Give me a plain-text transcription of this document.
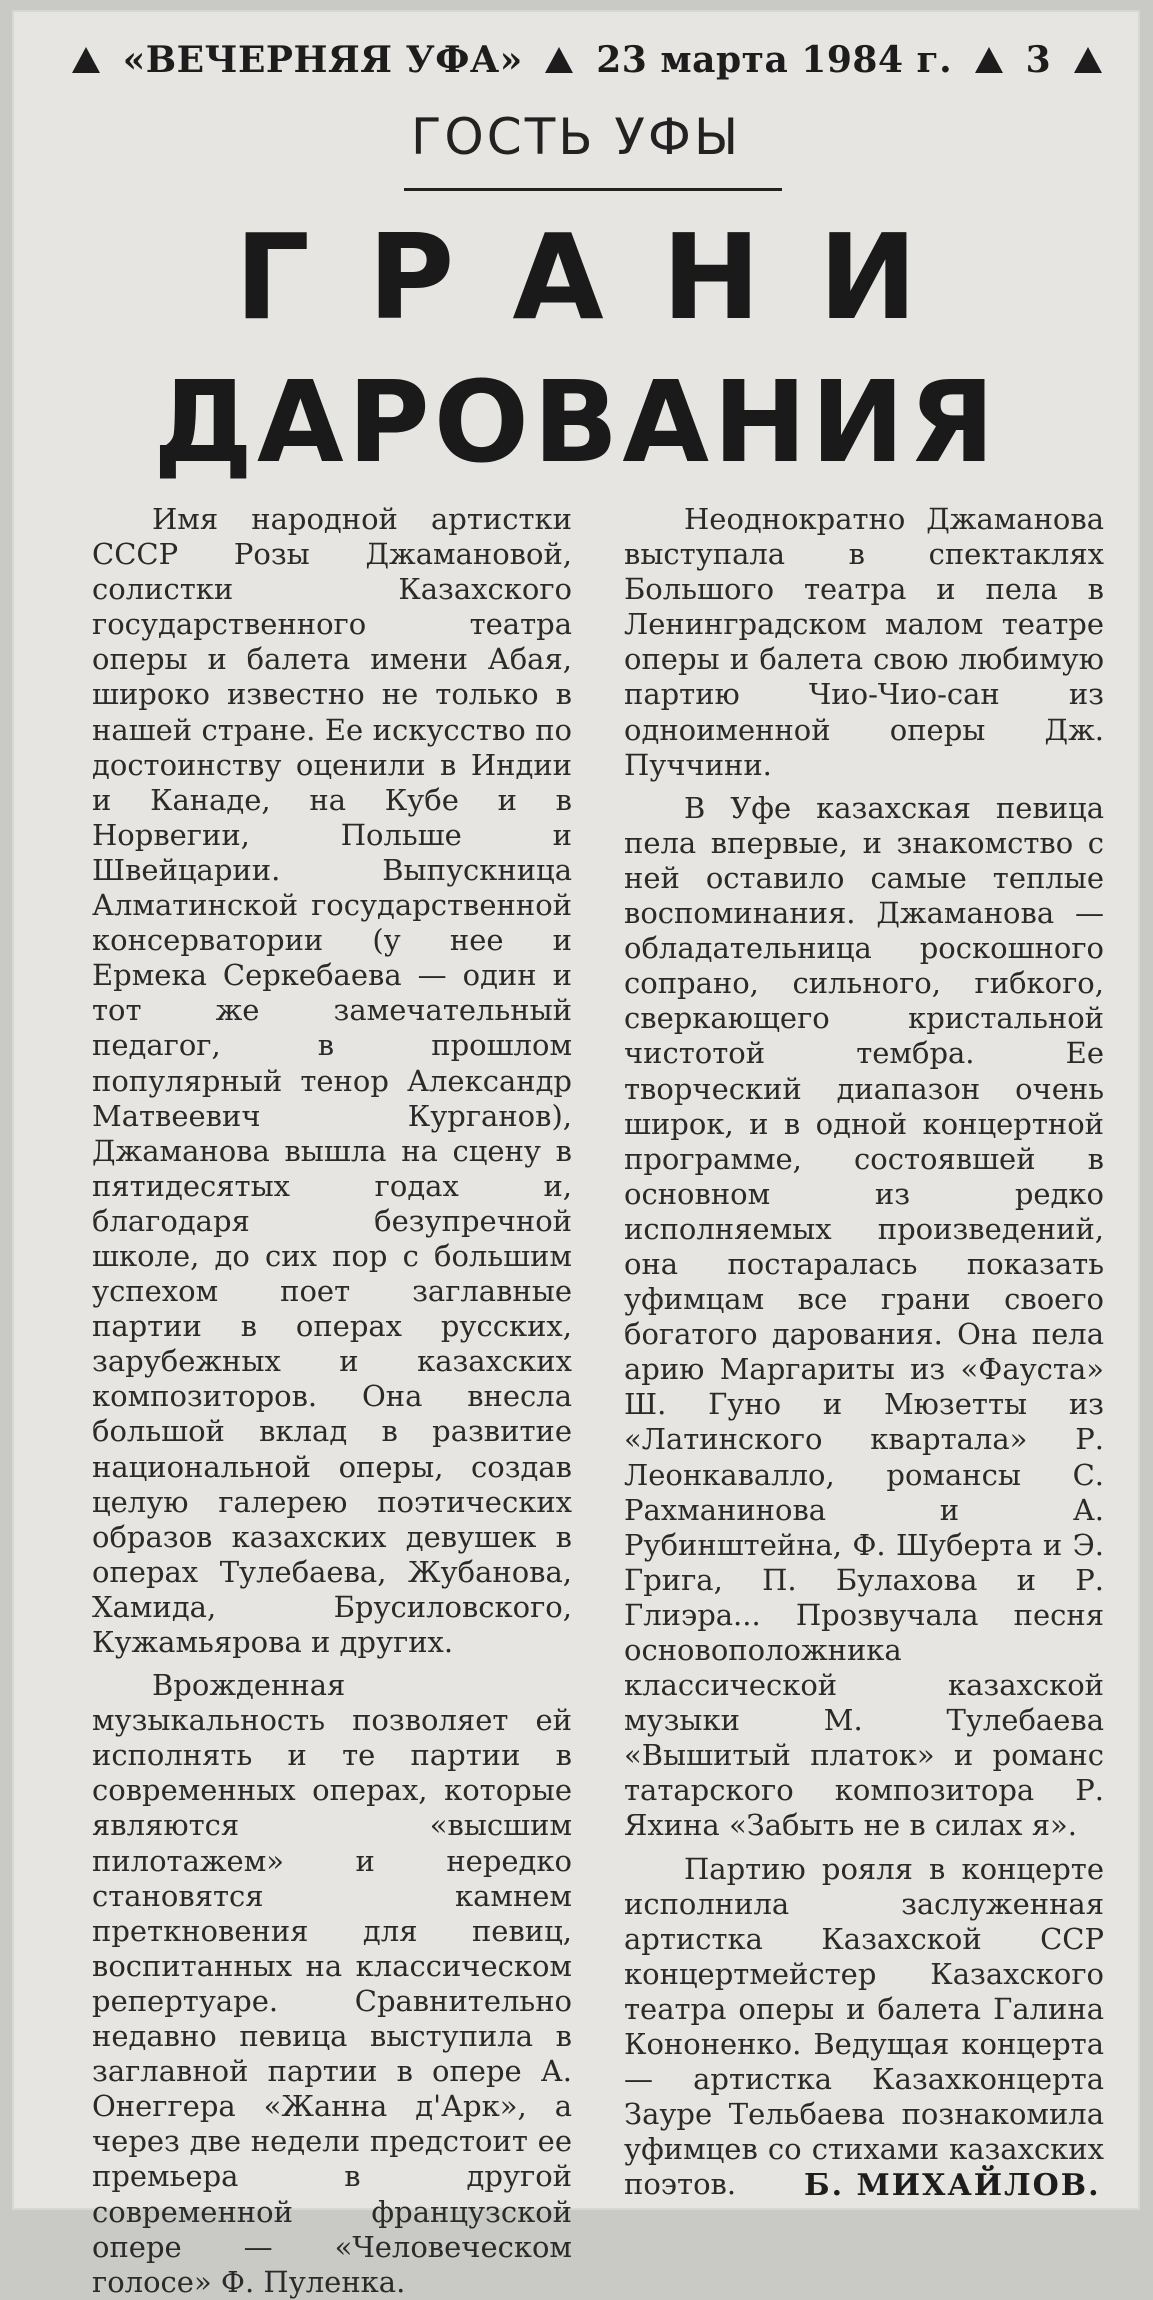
«ВЕЧЕРНЯЯ УФА» 23 марта 1984 г. 3
ГОСТЬ УФЫ
ГРАНИ
ДАРОВАНИЯ

Имя народной артистки СССР Розы Джамановой, солистки Казахского государственного театра оперы и балета имени Абая, широко известно не только в нашей стране. Ее искусство по достоинству оценили в Индии и Канаде, на Кубе и в Норвегии, Польше и Швейцарии. Выпускница Алматинской государственной консерватории (у нее и Ермека Серкебаева — один и тот же замечательный педагог, в прошлом популярный тенор Александр Матвеевич Курганов), Джаманова вышла на сцену в пятидесятых годах и, благодаря безупречной школе, до сих пор с большим успехом поет заглавные партии в операх русских, зарубежных и казахских композиторов. Она внесла большой вклад в развитие национальной оперы, создав целую галерею поэтических образов казахских девушек в операх Тулебаева, Жубанова, Хамида, Брусиловского, Кужамьярова и других.

Врожденная музыкальность позволяет ей исполнять и те партии в современных операх, которые являются «высшим пилотажем» и нередко становятся камнем преткновения для певиц, воспитанных на классическом репертуаре. Сравнительно недавно певица выступила в заглавной партии в опере А. Онеггера «Жанна д'Арк», а через две недели предстоит ее премьера в другой современной французской опере — «Человеческом голосе» Ф. Пуленка.

Неоднократно Джаманова выступала в спектаклях Большого театра и пела в Ленинградском малом театре оперы и балета свою любимую партию Чио-Чио-сан из одноименной оперы Дж. Пуччини.

В Уфе казахская певица пела впервые, и знакомство с ней оставило самые теплые воспоминания. Джаманова — обладательница роскошного сопрано, сильного, гибкого, сверкающего кристальной чистотой тембра. Ее творческий диапазон очень широк, и в одной концертной программе, состоявшей в основном из редко исполняемых произведений, она постаралась показать уфимцам все грани своего богатого дарования. Она пела арию Маргариты из «Фауста» Ш. Гуно и Мюзетты из «Латинского квартала» Р. Леонкавалло, романсы С. Рахманинова и А. Рубинштейна, Ф. Шуберта и Э. Грига, П. Булахова и Р. Глиэра... Прозвучала песня основоположника классической казахской музыки М. Тулебаева «Вышитый платок» и романс татарского композитора Р. Яхина «Забыть не в силах я».

Партию рояля в концерте исполнила заслуженная артистка Казахской ССР концертмейстер Казахского театра оперы и балета Галина Кононенко. Ведущая концерта — артистка Казахконцерта Зауре Тельбаева познакомила уфимцев со стихами казахских поэтов.	Б. МИХАЙЛОВ.
